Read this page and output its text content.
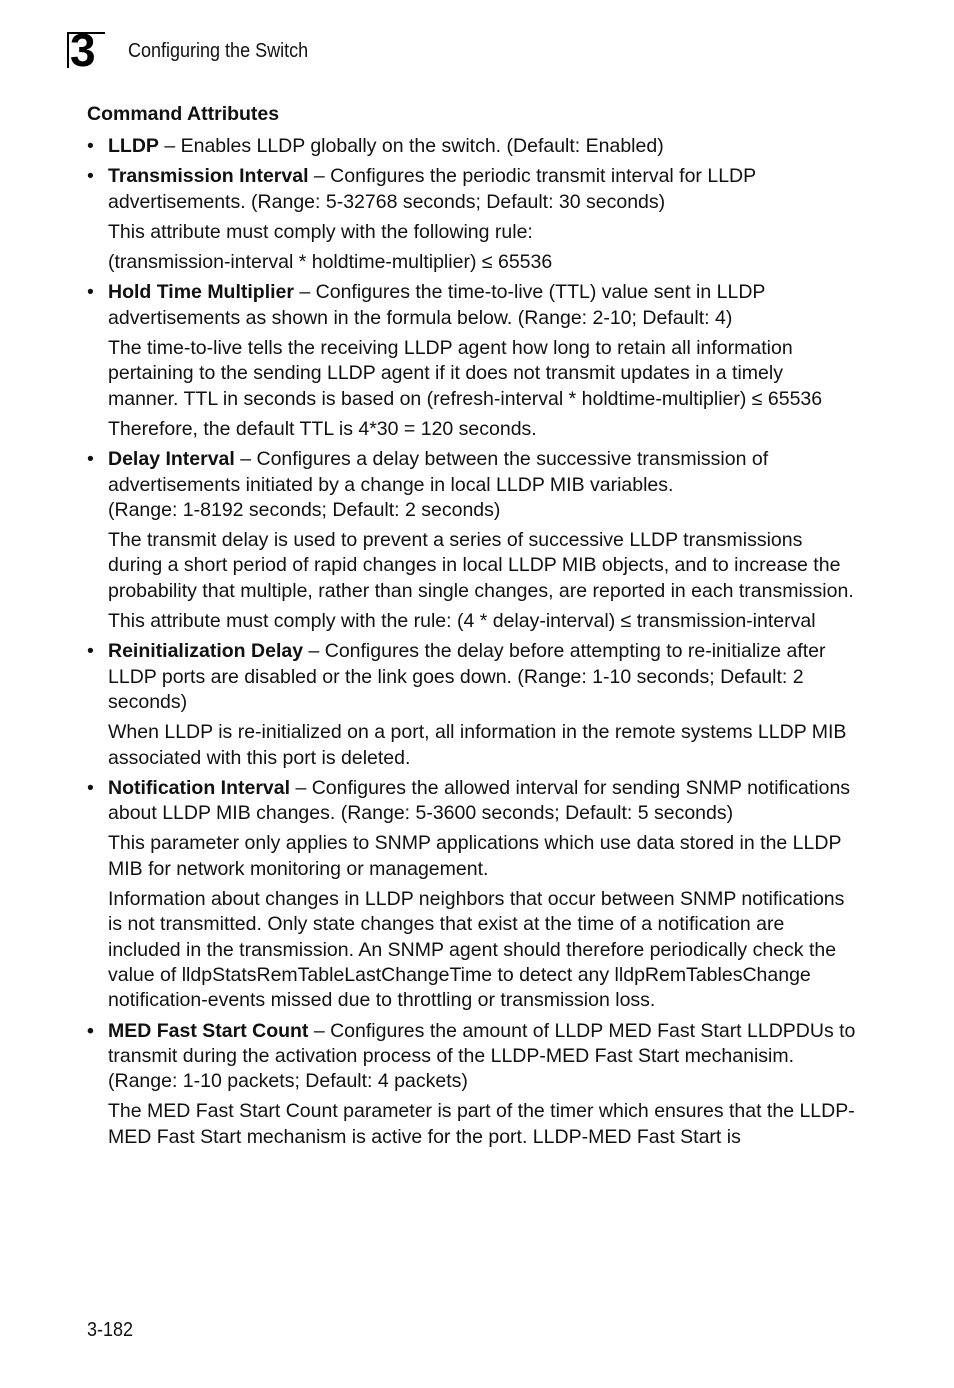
3 Configuring the Switch
Command Attributes
• LLDP – Enables LLDP globally on the switch. (Default: Enabled)

• Transmission Interval – Configures the periodic transmit interval for LLDP advertisements. (Range: 5-32768 seconds; Default: 30 seconds)

This attribute must comply with the following rule:

(transmission-interval * holdtime-multiplier) ≤ 65536

• Hold Time Multiplier – Configures the time-to-live (TTL) value sent in LLDP advertisements as shown in the formula below. (Range: 2-10; Default: 4)

The time-to-live tells the receiving LLDP agent how long to retain all information pertaining to the sending LLDP agent if it does not transmit updates in a timely manner. TTL in seconds is based on (refresh-interval * holdtime-multiplier) ≤ 65536

Therefore, the default TTL is 4*30 = 120 seconds.

• Delay Interval – Configures a delay between the successive transmission of advertisements initiated by a change in local LLDP MIB variables.
(Range: 1-8192 seconds; Default: 2 seconds)

The transmit delay is used to prevent a series of successive LLDP transmissions during a short period of rapid changes in local LLDP MIB objects, and to increase the probability that multiple, rather than single changes, are reported in each transmission.

This attribute must comply with the rule: (4 * delay-interval) ≤ transmission-interval

• Reinitialization Delay – Configures the delay before attempting to re-initialize after LLDP ports are disabled or the link goes down. (Range: 1-10 seconds; Default: 2 seconds)

When LLDP is re-initialized on a port, all information in the remote systems LLDP MIB associated with this port is deleted.

• Notification Interval – Configures the allowed interval for sending SNMP notifications about LLDP MIB changes. (Range: 5-3600 seconds; Default: 5 seconds)

This parameter only applies to SNMP applications which use data stored in the LLDP MIB for network monitoring or management.

Information about changes in LLDP neighbors that occur between SNMP notifications is not transmitted. Only state changes that exist at the time of a notification are included in the transmission. An SNMP agent should therefore periodically check the value of lldpStatsRemTableLastChangeTime to detect any lldpRemTablesChange notification-events missed due to throttling or transmission loss.

• MED Fast Start Count – Configures the amount of LLDP MED Fast Start LLDPDUs to transmit during the activation process of the LLDP-MED Fast Start mechanisim. (Range: 1-10 packets; Default: 4 packets)

The MED Fast Start Count parameter is part of the timer which ensures that the LLDP-MED Fast Start mechanism is active for the port. LLDP-MED Fast Start is

3-182
